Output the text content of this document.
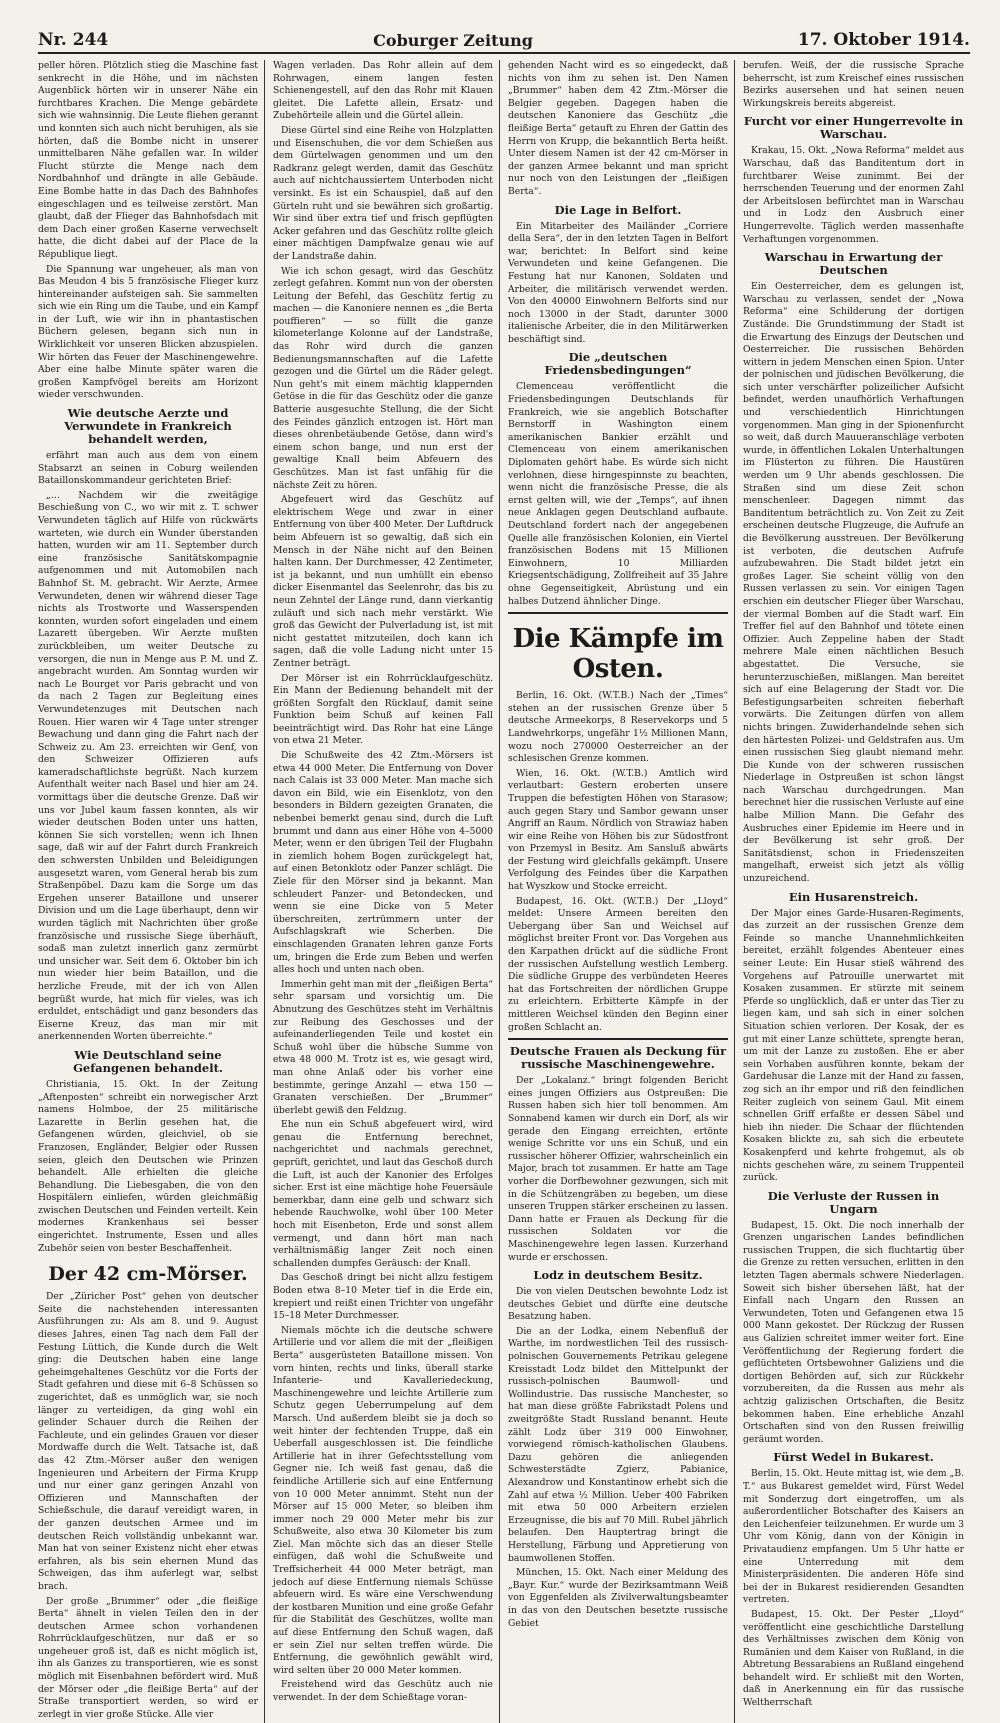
Nr. 244	Coburger Zeitung	17. Oktober 1914.

peller hören. Plötzlich stieg die Maschine fast senkrecht in die Höhe, und im nächsten Augenblick hörten wir in unserer Nähe ein furchtbares Krachen. Die Menge gebärdete sich wie wahnsinnig. Die Leute fliehen gerannt und konnten sich auch nicht beruhigen, als sie hörten, daß die Bombe nicht in unserer unmittelbaren Nähe gefallen war. In wilder Flucht stürzte die Menge nach dem Nordbahnhof und drängte in alle Gebäude. Eine Bombe hatte in das Dach des Bahnhofes eingeschlagen und es teilweise zerstört. Man glaubt, daß der Flieger das Bahnhofsdach mit dem Dach einer großen Kaserne verwechselt hatte, die dicht dabei auf der Place de la République liegt.

Die Spannung war ungeheuer, als man von Bas Meudon 4 bis 5 französische Flieger kurz hintereinander aufsteigen sah. Sie sammelten sich wie ein Ring um die Taube, und ein Kampf in der Luft, wie wir ihn in phantastischen Büchern gelesen, begann sich nun in Wirklichkeit vor unseren Blicken abzuspielen. Wir hörten das Feuer der Maschinengewehre. Aber eine halbe Minute später waren die großen Kampfvögel bereits am Horizont wieder verschwunden.

Wie deutsche Aerzte und Verwundete in Frankreich behandelt werden,

erfährt man auch aus dem von einem Stabsarzt an seinen in Coburg weilenden Bataillonskommandeur gerichteten Brief:

„… Nachdem wir die zweitägige Beschießung von C., wo wir mit z. T. schwer Verwundeten täglich auf Hilfe von rückwärts warteten, wie durch ein Wunder überstanden hatten, wurden wir am 11. September durch eine französische Sanitätskompagnie aufgenommen und mit Automobilen nach Bahnhof St. M. gebracht. Wir Aerzte, Armee Verwundeten, denen wir während dieser Tage nichts als Trostworte und Wasserspenden konnten, wurden sofort eingeladen und einem Lazarett übergeben. Wir Aerzte mußten zurückbleiben, um weiter Deutsche zu versorgen, die nun in Menge aus P. M. und Z. angebracht wurden. Am Sonntag wurden wir nach Le Bourget vor Paris gebracht und von da nach 2 Tagen zur Begleitung eines Verwundetenzuges mit Deutschen nach Rouen. Hier waren wir 4 Tage unter strenger Bewachung und dann ging die Fahrt nach der Schweiz zu. Am 23. erreichten wir Genf, von den Schweizer Offizieren aufs kameradschaftlichste begrüßt. Nach kurzem Aufenthalt weiter nach Basel und hier am 24. vormittags über die deutsche Grenze. Daß wir uns vor Jubel kaum fassen konnten, als wir wieder deutschen Boden unter uns hatten, können Sie sich vorstellen; wenn ich Ihnen sage, daß wir auf der Fahrt durch Frankreich den schwersten Unbilden und Beleidigungen ausgesetzt waren, vom General herab bis zum Straßenpöbel. Dazu kam die Sorge um das Ergehen unserer Bataillone und unserer Division und um die Lage überhaupt, denn wir wurden täglich mit Nachrichten über große französische und russische Siege überhäuft, sodaß man zuletzt innerlich ganz zermürbt und unsicher war. Seit dem 6. Oktober bin ich nun wieder hier beim Bataillon, und die herzliche Freude, mit der ich von Allen begrüßt wurde, hat mich für vieles, was ich erduldet, entschädigt und ganz besonders das Eiserne Kreuz, das man mir mit anerkennenden Worten überreichte.“

Wie Deutschland seine Gefangenen behandelt.

Christiania, 15. Okt. In der Zeitung „Aftenposten“ schreibt ein norwegischer Arzt namens Holmboe, der 25 militärische Lazarette in Berlin gesehen hat, die Gefangenen würden, gleichviel, ob sie Franzosen, Engländer, Belgier oder Russen seien, gleich den Deutschen wie Prinzen behandelt. Alle erhielten die gleiche Behandlung. Die Liebesgaben, die von den Hospitälern einliefen, würden gleichmäßig zwischen Deutschen und Feinden verteilt. Kein modernes Krankenhaus sei besser eingerichtet. Instrumente, Essen und alles Zubehör seien von bester Beschaffenheit.

Der 42 cm-Mörser.

Der „Züricher Post“ gehen von deutscher Seite die nachstehenden interessanten Ausführungen zu: Als am 8. und 9. August dieses Jahres, einen Tag nach dem Fall der Festung Lüttich, die Kunde durch die Welt ging: die Deutschen haben eine lange geheimgehaltenes Geschütz vor die Forts der Stadt gefahren und diese mit 6–8 Schüssen so zugerichtet, daß es unmöglich war, sie noch länger zu verteidigen, da ging wohl ein gelinder Schauer durch die Reihen der Fachleute, und ein gelindes Grauen vor dieser Mordwaffe durch die Welt. Tatsache ist, daß das 42 Ztm.-Mörser außer den wenigen Ingenieuren und Arbeitern der Firma Krupp und nur einer ganz geringen Anzahl von Offizieren und Mannschaften der Schießschule, die darauf vereidigt waren, in der ganzen deutschen Armee und im deutschen Reich vollständig unbekannt war. Man hat von seiner Existenz nicht eher etwas erfahren, als bis sein ehernen Mund das Schweigen, das ihm auferlegt war, selbst brach.

Der große „Brummer“ oder „die fleißige Berta“ ähnelt in vielen Teilen den in der deutschen Armee schon vorhandenen Rohrrücklaufgeschützen, nur daß er so ungeheuer groß ist, daß es nicht möglich ist, ihn als Ganzes zu transportieren, wie es sonst möglich mit Eisenbahnen befördert wird. Muß der Mörser oder „die fleißige Berta“ auf der Straße transportiert werden, so wird er zerlegt in vier große Stücke. Alle vier

Wagen verladen. Das Rohr allein auf dem Rohrwagen, einem langen festen Schienengestell, auf den das Rohr mit Klauen gleitet. Die Lafette allein, Ersatz- und Zubehörteile allein und die Gürtel allein.

Diese Gürtel sind eine Reihe von Holzplatten und Eisenschuhen, die vor dem Schießen aus dem Gürtelwagen genommen und um den Radkranz gelegt werden, damit das Geschütz auch auf nichtchaussiertem Unterboden nicht versinkt. Es ist ein Schauspiel, daß auf den Gürteln ruht und sie bewähren sich großartig. Wir sind über extra tief und frisch gepflügten Acker gefahren und das Geschütz rollte gleich einer mächtigen Dampfwalze genau wie auf der Landstraße dahin.

Wie ich schon gesagt, wird das Geschütz zerlegt gefahren. Kommt nun von der obersten Leitung der Befehl, das Geschütz fertig zu machen — die Kanoniere nennen es „die Berta pouffieren“ — so füllt die ganze kilometerlange Kolonne auf der Landstraße, das Rohr wird durch die ganzen Bedienungsmannschaften auf die Lafette gezogen und die Gürtel um die Räder gelegt. Nun geht's mit einem mächtig klappernden Getöse in die für das Geschütz oder die ganze Batterie ausgesuchte Stellung, die der Sicht des Feindes gänzlich entzogen ist. Hört man dieses ohrenbetäubende Getöse, dann wird's einem schon bange, und nun erst der gewaltige Knall beim Abfeuern des Geschützes. Man ist fast unfähig für die nächste Zeit zu hören.

Abgefeuert wird das Geschütz auf elektrischem Wege und zwar in einer Entfernung von über 400 Meter. Der Luftdruck beim Abfeuern ist so gewaltig, daß sich ein Mensch in der Nähe nicht auf den Beinen halten kann. Der Durchmesser, 42 Zentimeter, ist ja bekannt, und nun umhüllt ein ebenso dicker Eisenmantel das Seelenrohr, das bis zu neun Zehntel der Länge rund, dann vierkantig zuläuft und sich nach mehr verstärkt. Wie groß das Gewicht der Pulverladung ist, ist mit nicht gestattet mitzuteilen, doch kann ich sagen, daß die volle Ladung nicht unter 15 Zentner beträgt.

Der Mörser ist ein Rohrrücklaufgeschütz. Ein Mann der Bedienung behandelt mit der größten Sorgfalt den Rücklauf, damit seine Funktion beim Schuß auf keinen Fall beeinträchtigt wird. Das Rohr hat eine Länge von etwa 21 Meter.

Die Schußweite des 42 Ztm.-Mörsers ist etwa 44 000 Meter. Die Entfernung von Dover nach Calais ist 33 000 Meter. Man mache sich davon ein Bild, wie ein Eisenklotz, von den besonders in Bildern gezeigten Granaten, die nebenbei bemerkt genau sind, durch die Luft brummt und dann aus einer Höhe von 4–5000 Meter, wenn er den übrigen Teil der Flugbahn in ziemlich hohem Bogen zurückgelegt hat, auf einen Betonklotz oder Panzer schlägt. Die Ziele für den Mörser sind ja bekannt. Man schleudert Panzer- und Betondecken, und wenn sie eine Dicke von 5 Meter überschreiten, zertrümmern unter der Aufschlagskraft wie Scherben. Die einschlagenden Granaten lehren ganze Forts um, bringen die Erde zum Beben und werfen alles hoch und unten nach oben.

Immerhin geht man mit der „fleißigen Berta“ sehr sparsam und vorsichtig um. Die Abnutzung des Geschützes steht im Verhältnis zur Reibung des Geschosses und der aufeinanderliegenden Teile und kostet ein Schuß wohl über die hübsche Summe von etwa 48 000 M. Trotz ist es, wie gesagt wird, man ohne Anlaß oder bis vorher eine bestimmte, geringe Anzahl — etwa 150 — Granaten verschießen. Der „Brummer“ überlebt gewiß den Feldzug.

Ehe nun ein Schuß abgefeuert wird, wird genau die Entfernung berechnet, nachgerichtet und nachmals gerechnet, geprüft, gerichtet, und laut das Geschoß durch die Luft, ist auch der Kanonier des Erfolges sicher. Erst ist eine mächtige hohe Feuersäule bemerkbar, dann eine gelb und schwarz sich hebende Rauchwolke, wohl über 100 Meter hoch mit Eisenbeton, Erde und sonst allem vermengt, und dann hört man nach verhältnismäßig langer Zeit noch einen schallenden dumpfes Geräusch: der Knall.

Das Geschoß dringt bei nicht allzu festigem Boden etwa 8–10 Meter tief in die Erde ein, krepiert und reißt einen Trichter von ungefähr 15–18 Meter Durchmesser.

Niemals möchte ich die deutsche schwere Artillerie und vor allem die mit der „fleißigen Berta“ ausgerüsteten Bataillone missen. Von vorn hinten, rechts und links, überall starke Infanterie- und Kavalleriedeckung, Maschinengewehre und leichte Artillerie zum Schutz gegen Ueberrumpelung auf dem Marsch. Und außerdem bleibt sie ja doch so weit hinter der fechtenden Truppe, daß ein Ueberfall ausgeschlossen ist. Die feindliche Artillerie hat in ihrer Gefechtsstellung vom Gegner nie. Ich weiß fast genau, daß die feindliche Artillerie sich auf eine Entfernung von 10 000 Meter annimmt. Steht nun der Mörser auf 15 000 Meter, so bleiben ihm immer noch 29 000 Meter mehr bis zur Schußweite, also etwa 30 Kilometer bis zum Ziel. Man möchte sich das an dieser Stelle einfügen, daß wohl die Schußweite und Treffsicherheit 44 000 Meter beträgt, man jedoch auf diese Entfernung niemals Schüsse abfeuern wird. Es wäre eine Verschwendung der kostbaren Munition und eine große Gefahr für die Stabilität des Geschützes, wollte man auf diese Entfernung den Schuß wagen, daß er sein Ziel nur selten treffen würde. Die Entfernung, die gewöhnlich gewählt wird, wird selten über 20 000 Meter kommen.

Freistehend wird das Geschütz auch nie verwendet. In der dem Schießtage voran-

gehenden Nacht wird es so eingedeckt, daß nichts von ihm zu sehen ist. Den Namen „Brummer“ haben dem 42 Ztm.-Mörser die Belgier gegeben. Dagegen haben die deutschen Kanoniere das Geschütz „die fleißige Berta“ getauft zu Ehren der Gattin des Herrn von Krupp, die bekanntlich Berta heißt. Unter diesem Namen ist der 42 cm-Mörser in der ganzen Armee bekannt und man spricht nur noch von den Leistungen der „fleißigen Berta“.

Die Lage in Belfort.

Ein Mitarbeiter des Mailänder „Corriere della Sera“, der in den letzten Tagen in Belfort war, berichtet: In Belfort sind keine Verwundeten und keine Gefangenen. Die Festung hat nur Kanonen, Soldaten und Arbeiter, die militärisch verwendet werden. Von den 40000 Einwohnern Belforts sind nur noch 13000 in der Stadt, darunter 3000 italienische Arbeiter, die in den Militärwerken beschäftigt sind.

Die „deutschen Friedensbedingungen“

Clemenceau veröffentlicht die Friedensbedingungen Deutschlands für Frankreich, wie sie angeblich Botschafter Bernstorff in Washington einem amerikanischen Bankier erzählt und Clemenceau von einem amerikanischen Diplomaten gehört habe. Es würde sich nicht verlohnen, diese hirngespinnste zu beachten, wenn nicht die französische Presse, die als ernst gelten will, wie der „Temps“, auf ihnen neue Anklagen gegen Deutschland aufbaute. Deutschland fordert nach der angegebenen Quelle alle französischen Kolonien, ein Viertel französischen Bodens mit 15 Millionen Einwohnern, 10 Milliarden Kriegsentschädigung, Zollfreiheit auf 35 Jahre ohne Gegenseitigkeit, Abrüstung und ein halbes Dutzend ähnlicher Dinge.

Die Kämpfe im Osten.

Berlin, 16. Okt. (W.T.B.) Nach der „Times“ stehen an der russischen Grenze über 5 deutsche Armeekorps, 8 Reservekorps und 5 Landwehrkorps, ungefähr 1½ Millionen Mann, wozu noch 270000 Oesterreicher an der schlesischen Grenze kommen.

Wien, 16. Okt. (W.T.B.) Amtlich wird verlautbart: Gestern eroberten unsere Truppen die befestigten Höhen von Starasow; auch gegen Stary und Sambor gewann unser Angriff an Raum. Nördlich von Strawiaz haben wir eine Reihe von Höhen bis zur Südostfront von Przemysl in Besitz. Am Sansluß abwärts der Festung wird gleichfalls gekämpft. Unsere Verfolgung des Feindes über die Karpathen hat Wyszkow und Stocke erreicht.

Budapest, 16. Okt. (W.T.B.) Der „Lloyd“ meldet: Unsere Armeen bereiten den Uebergang über San und Weichsel auf möglichst breiter Front vor. Das Vorgehen aus den Karpathen drückt auf die südliche Front der russischen Aufstellung westlich Lemberg. Die südliche Gruppe des verbündeten Heeres hat das Fortschreiten der nördlichen Gruppe zu erleichtern. Erbitterte Kämpfe in der mittleren Weichsel künden den Beginn einer großen Schlacht an.

Deutsche Frauen als Deckung für russische Maschinengewehre.

Der „Lokalanz.“ bringt folgenden Bericht eines jungen Offiziers aus Ostpreußen: Die Russen haben sich hier toll benommen. Am Sonnabend kamen wir durch ein Dorf, als wir gerade den Eingang erreichten, ertönte wenige Schritte vor uns ein Schuß, und ein russischer höherer Offizier, wahrscheinlich ein Major, brach tot zusammen. Er hatte am Tage vorher die Dorfbewohner gezwungen, sich mit in die Schützengräben zu begeben, um diese unseren Truppen stärker erscheinen zu lassen. Dann hatte er Frauen als Deckung für die russischen Soldaten vor die Maschinengewehre legen lassen. Kurzerhand wurde er erschossen.

Lodz in deutschem Besitz.

Die von vielen Deutschen bewohnte Lodz ist deutsches Gebiet und dürfte eine deutsche Besatzung haben.

Die an der Lodka, einem Nebenfluß der Warthe, im nordwestlichen Teil des russisch-polnischen Gouvernements Petrikau gelegene Kreisstadt Lodz bildet den Mittelpunkt der russisch-polnischen Baumwoll- und Wollindustrie. Das russische Manchester, so hat man diese größte Fabrikstadt Polens und zweitgrößte Stadt Russland benannt. Heute zählt Lodz über 319 000 Einwohner, vorwiegend römisch-katholischen Glaubens. Dazu gehören die anliegenden Schwesterstädte Zgierz, Pabianice, Alexandrow und Konstantinow erhebt sich die Zahl auf etwa ½ Million. Ueber 400 Fabriken mit etwa 50 000 Arbeitern erzielen Erzeugnisse, die bis auf 70 Mill. Rubel jährlich belaufen. Den Hauptertrag bringt die Herstellung, Färbung und Appretierung von baumwollenen Stoffen.

München, 15. Okt. Nach einer Meldung des „Bayr. Kur.“ wurde der Bezirksamtmann Weiß von Eggenfelden als Zivilverwaltungsbeamter in das von den Deutschen besetzte russische Gebiet

berufen. Weiß, der die russische Sprache beherrscht, ist zum Kreischef eines russischen Bezirks ausersehen und hat seinen neuen Wirkungskreis bereits abgereist.

Furcht vor einer Hungerrevolte in Warschau.

Krakau, 15. Okt. „Nowa Reforma“ meldet aus Warschau, daß das Banditentum dort in furchtbarer Weise zunimmt. Bei der herrschenden Teuerung und der enormen Zahl der Arbeitslosen befürchtet man in Warschau und in Lodz den Ausbruch einer Hungerrevolte. Täglich werden massenhafte Verhaftungen vorgenommen.

Warschau in Erwartung der Deutschen

Ein Oesterreicher, dem es gelungen ist, Warschau zu verlassen, sendet der „Nowa Reforma“ eine Schilderung der dortigen Zustände. Die Grundstimmung der Stadt ist die Erwartung des Einzugs der Deutschen und Oesterreicher. Die russischen Behörden wittern in jedem Menschen einen Spion. Unter der polnischen und jüdischen Bevölkerung, die sich unter verschärfter polizeilicher Aufsicht befindet, werden unaufhörlich Verhaftungen und verschiedentlich Hinrichtungen vorgenommen. Man ging in der Spionenfurcht so weit, daß durch Mauueranschläge verboten wurde, in öffentlichen Lokalen Unterhaltungen im Flüsterton zu führen. Die Haustüren werden um 9 Uhr abends geschlossen. Die Straßen sind um diese Zeit schon menschenleer. Dagegen nimmt das Banditentum beträchtlich zu. Von Zeit zu Zeit erscheinen deutsche Flugzeuge, die Aufrufe an die Bevölkerung ausstreuen. Der Bevölkerung ist verboten, die deutschen Aufrufe aufzubewahren. Die Stadt bildet jetzt ein großes Lager. Sie scheint völlig von den Russen verlassen zu sein. Vor einigen Tagen erschien ein deutscher Flieger über Warschau, der viermal Bomben auf die Stadt warf. Ein Treffer fiel auf den Bahnhof und tötete einen Offizier. Auch Zeppeline haben der Stadt mehrere Male einen nächtlichen Besuch abgestattet. Die Versuche, sie herunterzuschießen, mißlangen. Man bereitet sich auf eine Belagerung der Stadt vor. Die Befestigungsarbeiten schreiten fieberhaft vorwärts. Die Zeitungen dürfen von allem nichts bringen. Zuwiderhandelnde sehen sich den härtesten Polizei- und Geldstrafen aus. Um einen russischen Sieg glaubt niemand mehr. Die Kunde von der schweren russischen Niederlage in Ostpreußen ist schon längst nach Warschau durchgedrungen. Man berechnet hier die russischen Verluste auf eine halbe Million Mann. Die Gefahr des Ausbruches einer Epidemie im Heere und in der Bevölkerung ist sehr groß. Der Sanitätsdienst, schon in Friedenszeiten mangelhaft, erweist sich jetzt als völlig unzureichend.

Ein Husarenstreich.

Der Major eines Garde-Husaren-Regiments, das zurzeit an der russischen Grenze dem Feinde so manche Unannehmlichkeiten bereitet, erzählt folgendes Abenteuer eines seiner Leute: Ein Husar stieß während des Vorgehens auf Patrouille unerwartet mit Kosaken zusammen. Er stürzte mit seinem Pferde so unglücklich, daß er unter das Tier zu liegen kam, und sah sich in einer solchen Situation schien verloren. Der Kosak, der es gut mit einer Lanze schüttete, sprengte heran, um mit der Lanze zu zustoßen. Ehe er aber sein Vorhaben ausführen konnte, bekam der Gardehusar die Lanze mit der Hand zu fassen, zog sich an ihr empor und riß den feindlichen Reiter zugleich von seinem Gaul. Mit einem schnellen Griff erfaßte er dessen Säbel und hieb ihn nieder. Die Schaar der flüchtenden Kosaken blickte zu, sah sich die erbeutete Kosakenpferd und kehrte frohgemut, als ob nichts geschehen wäre, zu seinem Truppenteil zurück.

Die Verluste der Russen in Ungarn

Budapest, 15. Okt. Die noch innerhalb der Grenzen ungarischen Landes befindlichen russischen Truppen, die sich fluchtartig über die Grenze zu retten versuchen, erlitten in den letzten Tagen abermals schwere Niederlagen. Soweit sich bisher übersehen läßt, hat der Einfall nach Ungarn den Russen an Verwundeten, Toten und Gefangenen etwa 15 000 Mann gekostet. Der Rückzug der Russen aus Galizien schreitet immer weiter fort. Eine Veröffentlichung der Regierung fordert die geflüchteten Ortsbewohner Galiziens und die dortigen Behörden auf, sich zur Rückkehr vorzubereiten, da die Russen aus mehr als achtzig galizischen Ortschaften, die Besitz bekommen haben. Eine erhebliche Anzahl Ortschaften sind von den Russen freiwillig geräumt worden.

Fürst Wedel in Bukarest.

Berlin, 15. Okt. Heute mittag ist, wie dem „B. T.“ aus Bukarest gemeldet wird, Fürst Wedel mit Sonderzug dort eingetroffen, um als außerordentlicher Botschafter des Kaisers an den Leichenfeier teilzunehmen. Er wurde um 3 Uhr vom König, dann von der Königin in Privataudienz empfangen. Um 5 Uhr hatte er eine Unterredung mit dem Ministerpräsidenten. Die anderen Höfe sind bei der in Bukarest residierenden Gesandten vertreten.

Budapest, 15. Okt. Der Pester „Lloyd“ veröffentlicht eine geschichtliche Darstellung des Verhältnisses zwischen dem König von Rumänien und dem Kaiser von Rußland, in die Abtretung Bessarabiens an Rußland eingehend behandelt wird. Er schließt mit den Worten, daß in Anerkennung ein für das russische Weltherrschaft
